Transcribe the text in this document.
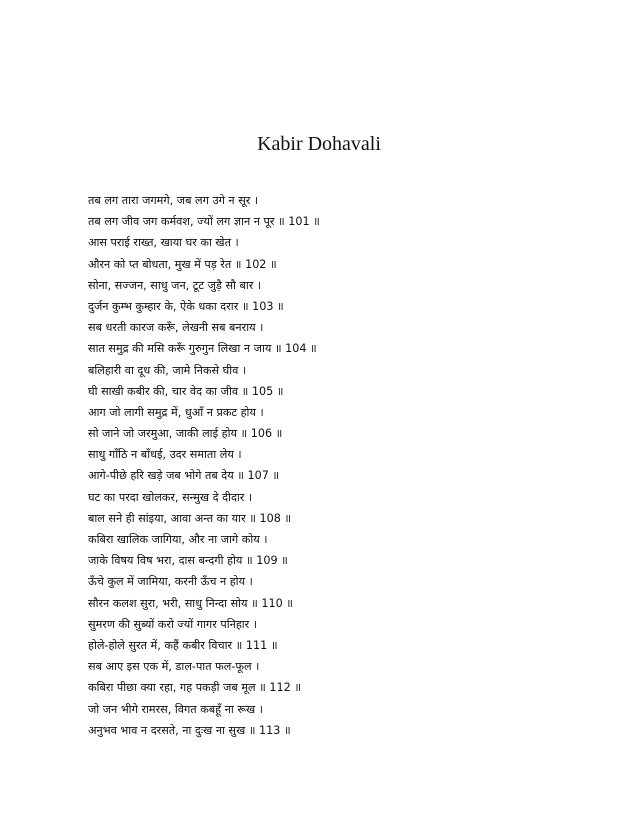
Kabir Dohavali
तब लग तारा जगमगे, जब लग उगे न सूर ।
तब लग जीव जग कर्मवश, ज्यों लग ज्ञान न पूर ॥ 101 ॥
आस पराई राख्त, खाया घर का खेत ।
औरन को प्त बोधता, मुख में पड़ रेत ॥ 102 ॥
सोना, सज्जन, साधु जन, टूट जुड़ै सौ बार ।
दुर्जन कुम्भ कुम्हार के, ऐके धका दरार ॥ 103 ॥
सब धरती कारज करूँ, लेखनी सब बनराय ।
सात समुद्र की मसि करूँ गुरुगुन लिखा न जाय ॥ 104 ॥
बलिहारी वा दूध की, जामे निकसे घीव ।
घी साखी कबीर की, चार वेद का जीव ॥ 105 ॥
आग जो लागी समुद्र में, धुआँ न प्रकट होय ।
सो जाने जो जरमुआ, जाकी लाई होय ॥ 106 ॥
साधु गाँठि न बाँधई, उदर समाता लेय ।
आगे-पीछे हरि खड़े जब भोगे तब देय ॥ 107 ॥
घट का परदा खोलकर, सन्मुख दे दीदार ।
बाल सने ही सांइया, आवा अन्त का यार ॥ 108 ॥
कबिरा खालिक जागिया, और ना जागे कोय ।
जाके विषय विष भरा, दास बन्दगी होय ॥ 109 ॥
ऊँचे कुल में जामिया, करनी ऊँच न होय ।
सौरन कलश सुरा, भरी, साधु निन्दा सोय ॥ 110 ॥
सुमरण की सुब्यों करो ज्यों गागर पनिहार ।
होले-होले सुरत में, कहैं कबीर विचार ॥ 111 ॥
सब आए इस एक में, डाल-पात फल-फूल ।
कबिरा पीछा क्या रहा, गह पकड़ी जब मूल ॥ 112 ॥
जो जन भीगे रामरस, विगत कबहूँ ना रूख ।
अनुभव भाव न दरसते, ना दुःख ना सुख ॥ 113 ॥
